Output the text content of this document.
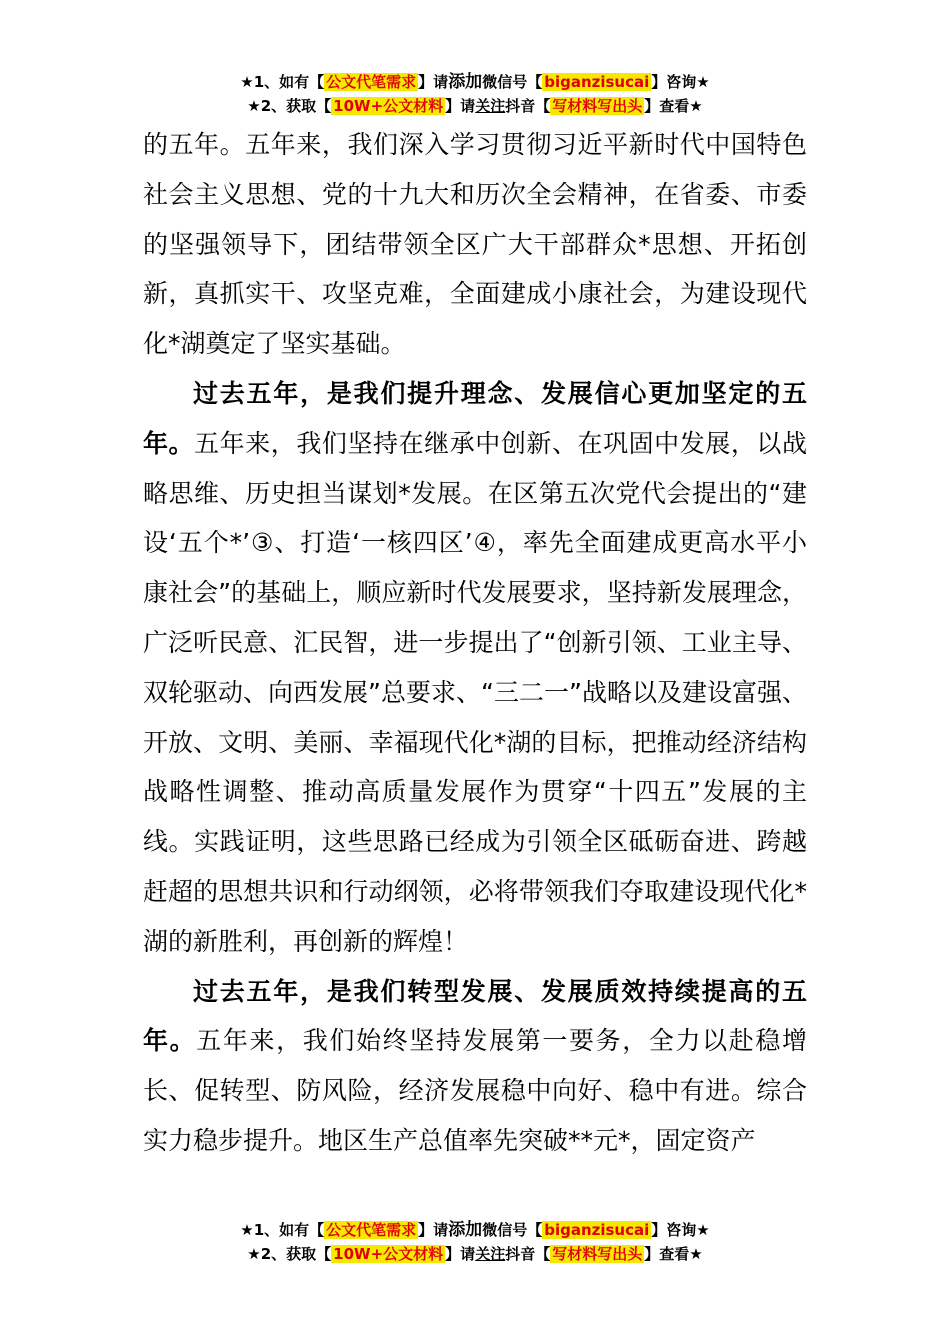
★1、如有【 公文代笔需求 】请添加微信号【 biganzisucai 】咨询★
★2、获取【 10W+公文材料 】请关注抖音【 写材料写出头 】查看★

的五年。五年来，我们深入学习贯彻习近平新时代中国特色社会主义思想、党的十九大和历次全会精神，在省委、市委的坚强领导下，团结带领全区广大干部群众*思想、开拓创新，真抓实干、攻坚克难，全面建成小康社会，为建设现代化*湖奠定了坚实基础。

过去五年，是我们提升理念、发展信心更加坚定的五年。五年来，我们坚持在继承中创新、在巩固中发展，以战略思维、历史担当谋划*发展。在区第五次党代会提出的“建设‘五个*’③、打造‘一核四区’④，率先全面建成更高水平小康社会”的基础上，顺应新时代发展要求，坚持新发展理念，广泛听民意、汇民智，进一步提出了“创新引领、工业主导、双轮驱动、向西发展”总要求、“三二一”战略以及建设富强、开放、文明、美丽、幸福现代化*湖的目标，把推动经济结构战略性调整、推动高质量发展作为贯穿“十四五”发展的主线。实践证明，这些思路已经成为引领全区砥砺奋进、跨越赶超的思想共识和行动纲领，必将带领我们夺取建设现代化*湖的新胜利，再创新的辉煌！

过去五年，是我们转型发展、发展质效持续提高的五年。五年来，我们始终坚持发展第一要务，全力以赴稳增长、促转型、防风险，经济发展稳中向好、稳中有进。综合实力稳步提升。地区生产总值率先突破**元*，固定资产

★1、如有【 公文代笔需求 】请添加微信号【 biganzisucai 】咨询★
★2、获取【 10W+公文材料 】请关注抖音【 写材料写出头 】查看★
